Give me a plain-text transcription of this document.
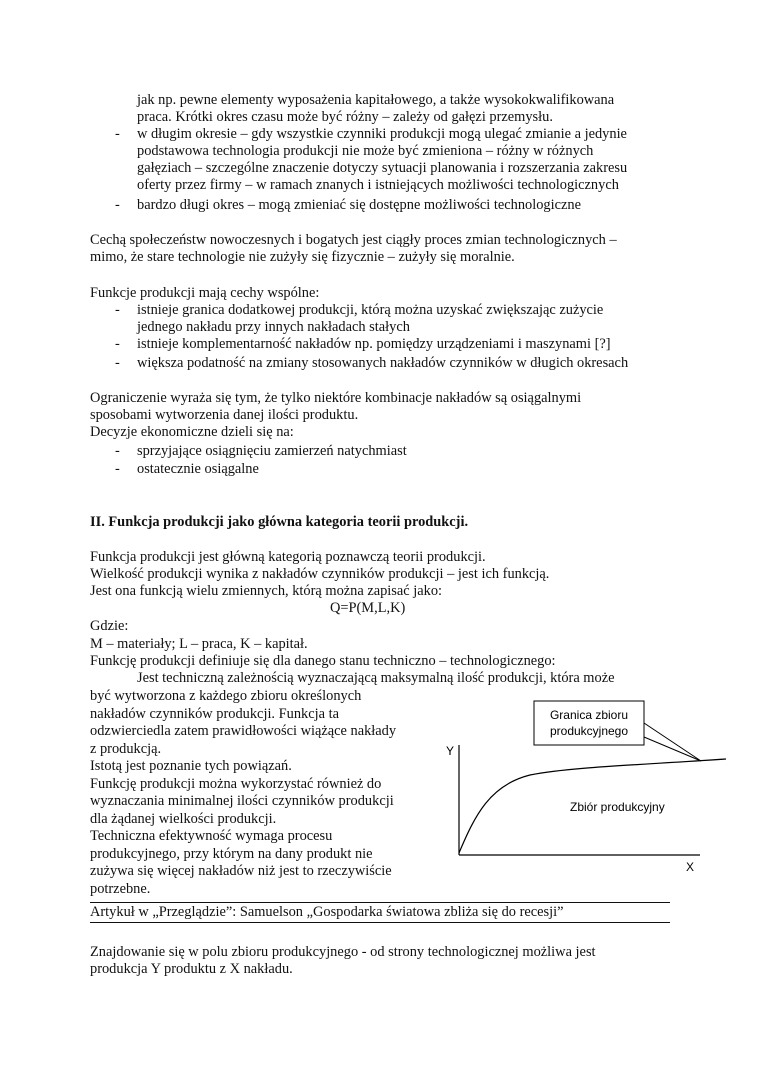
jak np. pewne elementy wyposażenia kapitałowego, a także wysokokwalifikowana
praca. Krótki okres czasu może być różny – zależy od gałęzi przemysłu.
- w długim okresie – gdy wszystkie czynniki produkcji mogą ulegać zmianie a jedynie
podstawowa technologia produkcji nie może być zmieniona – różny w różnych
gałęziach – szczególne znaczenie dotyczy sytuacji planowania i rozszerzania zakresu
oferty przez firmy – w ramach znanych i istniejących możliwości technologicznych
- bardzo długi okres – mogą zmieniać się dostępne możliwości technologiczne
Cechą społeczeństw nowoczesnych i bogatych jest ciągły proces zmian technologicznych –
mimo, że stare technologie nie zużyły się fizycznie – zużyły się moralnie.
Funkcje produkcji mają cechy wspólne:
- istnieje granica dodatkowej produkcji, którą można uzyskać zwiększając zużycie
jednego nakładu przy innych nakładach stałych
- istnieje komplementarność nakładów np. pomiędzy urządzeniami i maszynami [?]
- większa podatność na zmiany stosowanych nakładów czynników w długich okresach
Ograniczenie wyraża się tym, że tylko niektóre kombinacje nakładów są osiągalnymi
sposobami wytworzenia danej ilości produktu.
Decyzje ekonomiczne dzieli się na:
- sprzyjające osiągnięciu zamierzeń natychmiast
- ostatecznie osiągalne
II. Funkcja produkcji jako główna kategoria teorii produkcji.
Funkcja produkcji jest główną kategorią poznawczą teorii produkcji.
Wielkość produkcji wynika z nakładów czynników produkcji – jest ich funkcją.
Jest ona funkcją wielu zmiennych, którą można zapisać jako:
Q=P(M,L,K)
Gdzie:
M – materiały; L – praca, K – kapitał.
Funkcję produkcji definiuje się dla danego stanu techniczno – technologicznego:
Jest techniczną zależnością wyznaczającą maksymalną ilość produkcji, która może
być wytworzona z każdego zbioru określonych
nakładów czynników produkcji. Funkcja ta
odzwierciedla zatem prawidłowości wiążące nakłady
z produkcją.
Istotą jest poznanie tych powiązań.
Funkcję produkcji można wykorzystać również do
wyznaczania minimalnej ilości czynników produkcji
dla żądanej wielkości produkcji.
Techniczna efektywność wymaga procesu
produkcyjnego, przy którym na dany produkt nie
zużywa się więcej nakładów niż jest to rzeczywiście
potrzebne.
Granica zbioru
produkcyjnego
Y
X
Zbiór produkcyjny
Artykuł w „Przeglądzie”: Samuelson „Gospodarka światowa zbliża się do recesji”
Znajdowanie się w polu zbioru produkcyjnego - od strony technologicznej możliwa jest
produkcja Y produktu z X nakładu.
